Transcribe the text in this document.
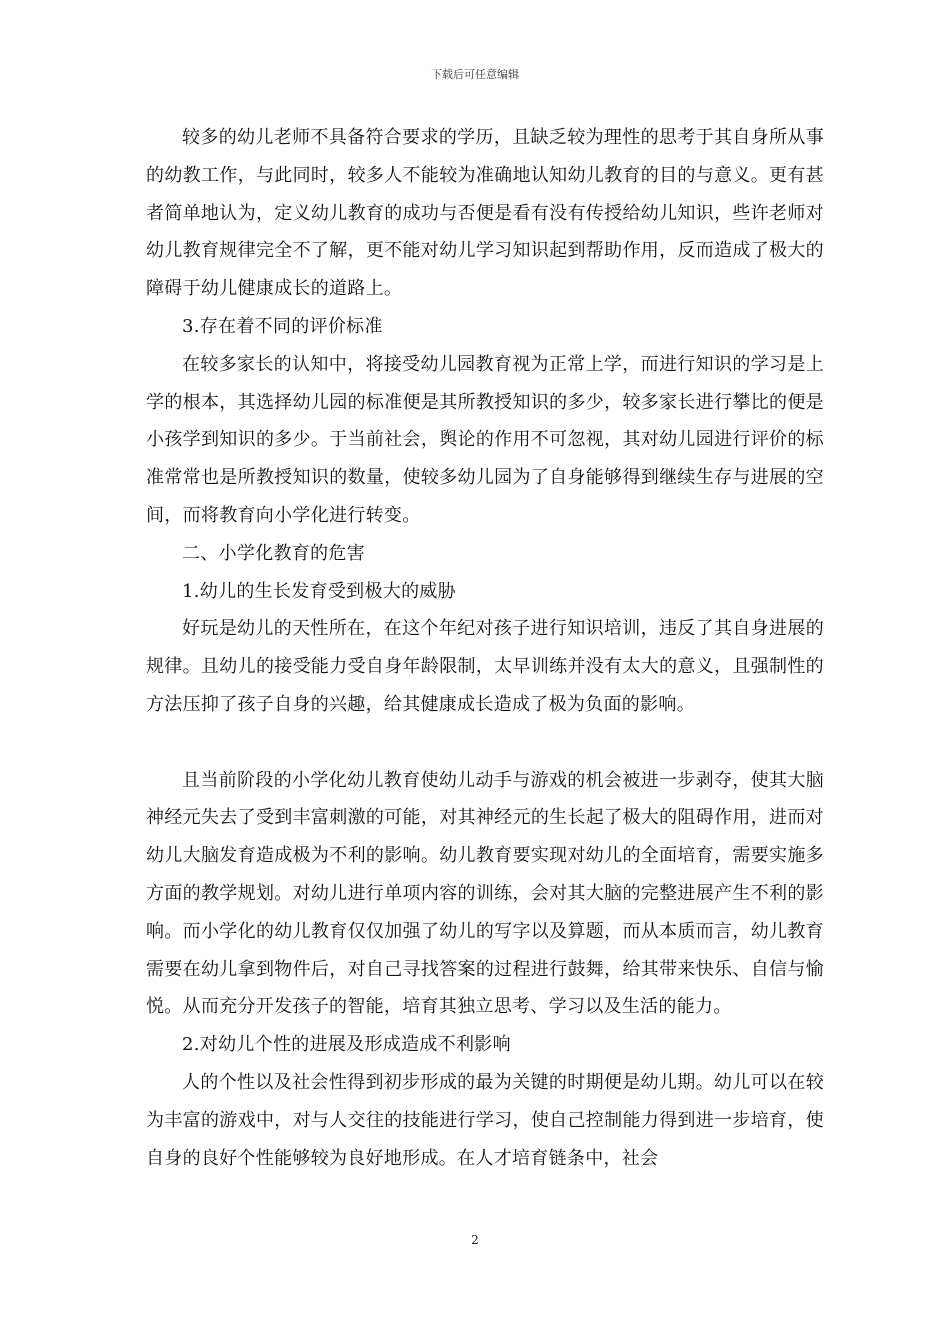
下载后可任意编辑

较多的幼儿老师不具备符合要求的学历，且缺乏较为理性的思考于其自身所从事的幼教工作，与此同时，较多人不能较为准确地认知幼儿教育的目的与意义。更有甚者简单地认为，定义幼儿教育的成功与否便是看有没有传授给幼儿知识，些许老师对幼儿教育规律完全不了解，更不能对幼儿学习知识起到帮助作用，反而造成了极大的障碍于幼儿健康成长的道路上。

3.存在着不同的评价标准

在较多家长的认知中，将接受幼儿园教育视为正常上学，而进行知识的学习是上学的根本，其选择幼儿园的标准便是其所教授知识的多少，较多家长进行攀比的便是小孩学到知识的多少。于当前社会，舆论的作用不可忽视，其对幼儿园进行评价的标准常常也是所教授知识的数量，使较多幼儿园为了自身能够得到继续生存与进展的空间，而将教育向小学化进行转变。

二、小学化教育的危害

1.幼儿的生长发育受到极大的威胁

好玩是幼儿的天性所在，在这个年纪对孩子进行知识培训，违反了其自身进展的规律。且幼儿的接受能力受自身年龄限制，太早训练并没有太大的意义，且强制性的方法压抑了孩子自身的兴趣，给其健康成长造成了极为负面的影响。

且当前阶段的小学化幼儿教育使幼儿动手与游戏的机会被进一步剥夺，使其大脑神经元失去了受到丰富刺激的可能，对其神经元的生长起了极大的阻碍作用，进而对幼儿大脑发育造成极为不利的影响。幼儿教育要实现对幼儿的全面培育，需要实施多方面的教学规划。对幼儿进行单项内容的训练，会对其大脑的完整进展产生不利的影响。而小学化的幼儿教育仅仅加强了幼儿的写字以及算题，而从本质而言，幼儿教育需要在幼儿拿到物件后，对自己寻找答案的过程进行鼓舞，给其带来快乐、自信与愉悦。从而充分开发孩子的智能，培育其独立思考、学习以及生活的能力。

2.对幼儿个性的进展及形成造成不利影响

人的个性以及社会性得到初步形成的最为关键的时期便是幼儿期。幼儿可以在较为丰富的游戏中，对与人交往的技能进行学习，使自己控制能力得到进一步培育，使自身的良好个性能够较为良好地形成。在人才培育链条中，社会

2
